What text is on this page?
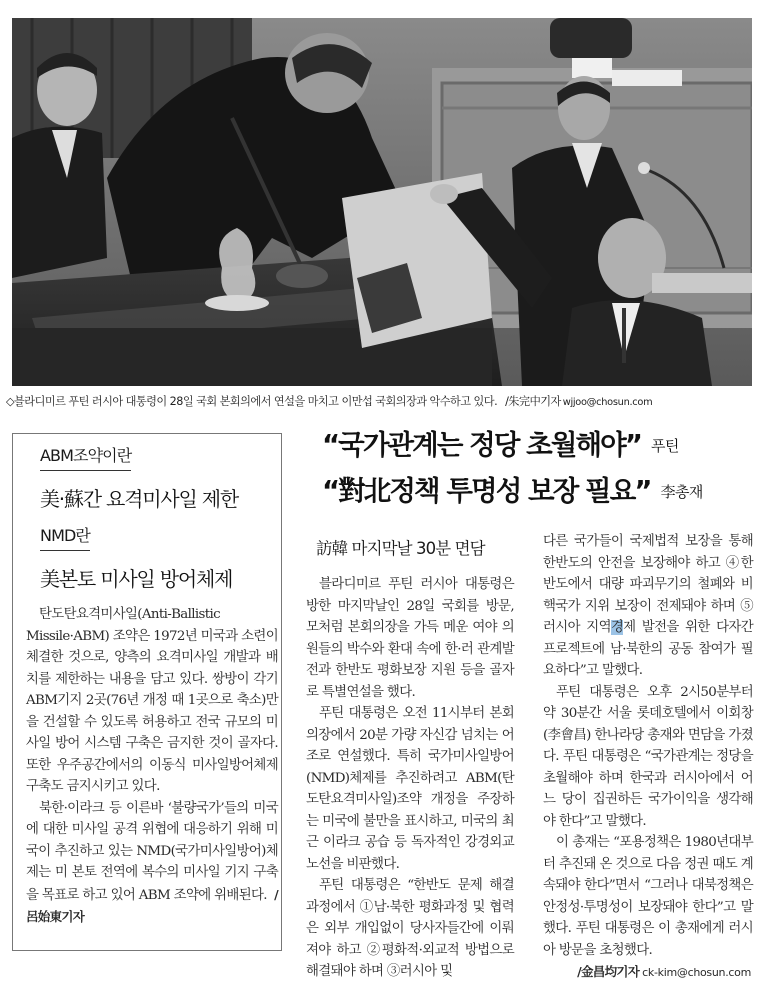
◇블라디미르 푸틴 러시아 대통령이 28일 국회 본회의에서 연설을 마치고 이만섭 국회의장과 악수하고 있다. /朱完中기자 wjjoo@chosun.com
ABM조약이란
美·蘇간 요격미사일 제한
NMD란
美본토 미사일 방어체제

탄도탄요격미사일(Anti-Ballistic Missile·ABM) 조약은 1972년 미국과 소련이 체결한 것으로, 양측의 요격미사일 개발과 배치를 제한하는 내용을 담고 있다. 쌍방이 각기 ABM기지 2곳(76년 개정 때 1곳으로 축소)만을 건설할 수 있도록 허용하고 전국 규모의 미사일 방어 시스템 구축은 금지한 것이 골자다. 또한 우주공간에서의 이동식 미사일방어체제 구축도 금지시키고 있다.

북한·이라크 등 이른바 ‘불량국가’들의 미국에 대한 미사일 공격 위협에 대응하기 위해 미국이 추진하고 있는 NMD(국가미사일방어)체제는 미 본토 전역에 복수의 미사일 기지 구축을 목표로 하고 있어 ABM 조약에 위배된다. /呂始東기자

“국가관계는 정당 초월해야” 푸틴
“對北정책 투명성 보장 필요” 李총재
訪韓 마지막날 30분 면담

블라디미르 푸틴 러시아 대통령은 방한 마지막날인 28일 국회를 방문, 모처럼 본회의장을 가득 메운 여야 의원들의 박수와 환대 속에 한·러 관계발전과 한반도 평화보장 지원 등을 골자로 특별연설을 했다.

푸틴 대통령은 오전 11시부터 본회의장에서 20분 가량 자신감 넘치는 어조로 연설했다. 특히 국가미사일방어(NMD)체제를 추진하려고 ABM(탄도탄요격미사일)조약 개정을 주장하는 미국에 불만을 표시하고, 미국의 최근 이라크 공습 등 독자적인 강경외교 노선을 비판했다.

푸틴 대통령은 “한반도 문제 해결 과정에서 ①남·북한 평화과정 및 협력은 외부 개입없이 당사자들간에 이뤄져야 하고 ②평화적·외교적 방법으로 해결돼야 하며 ③러시아 및

다른 국가들이 국제법적 보장을 통해 한반도의 안전을 보장해야 하고 ④한반도에서 대량 파괴무기의 철폐와 비핵국가 지위 보장이 전제돼야 하며 ⑤러시아 지역경제 발전을 위한 다자간 프로젝트에 남·북한의 공동 참여가 필요하다”고 말했다.

푸틴 대통령은 오후 2시50분부터 약 30분간 서울 롯데호텔에서 이회창(李會昌) 한나라당 총재와 면담을 가졌다. 푸틴 대통령은 “국가관계는 정당을 초월해야 하며 한국과 러시아에서 어느 당이 집권하든 국가이익을 생각해야 한다”고 말했다.

이 총재는 “포용정책은 1980년대부터 추진돼 온 것으로 다음 정권 때도 계속돼야 한다”면서 “그러나 대북정책은 안정성·투명성이 보장돼야 한다”고 말했다. 푸틴 대통령은 이 총재에게 러시아 방문을 초청했다.

/金昌均기자 ck-kim@chosun.com
